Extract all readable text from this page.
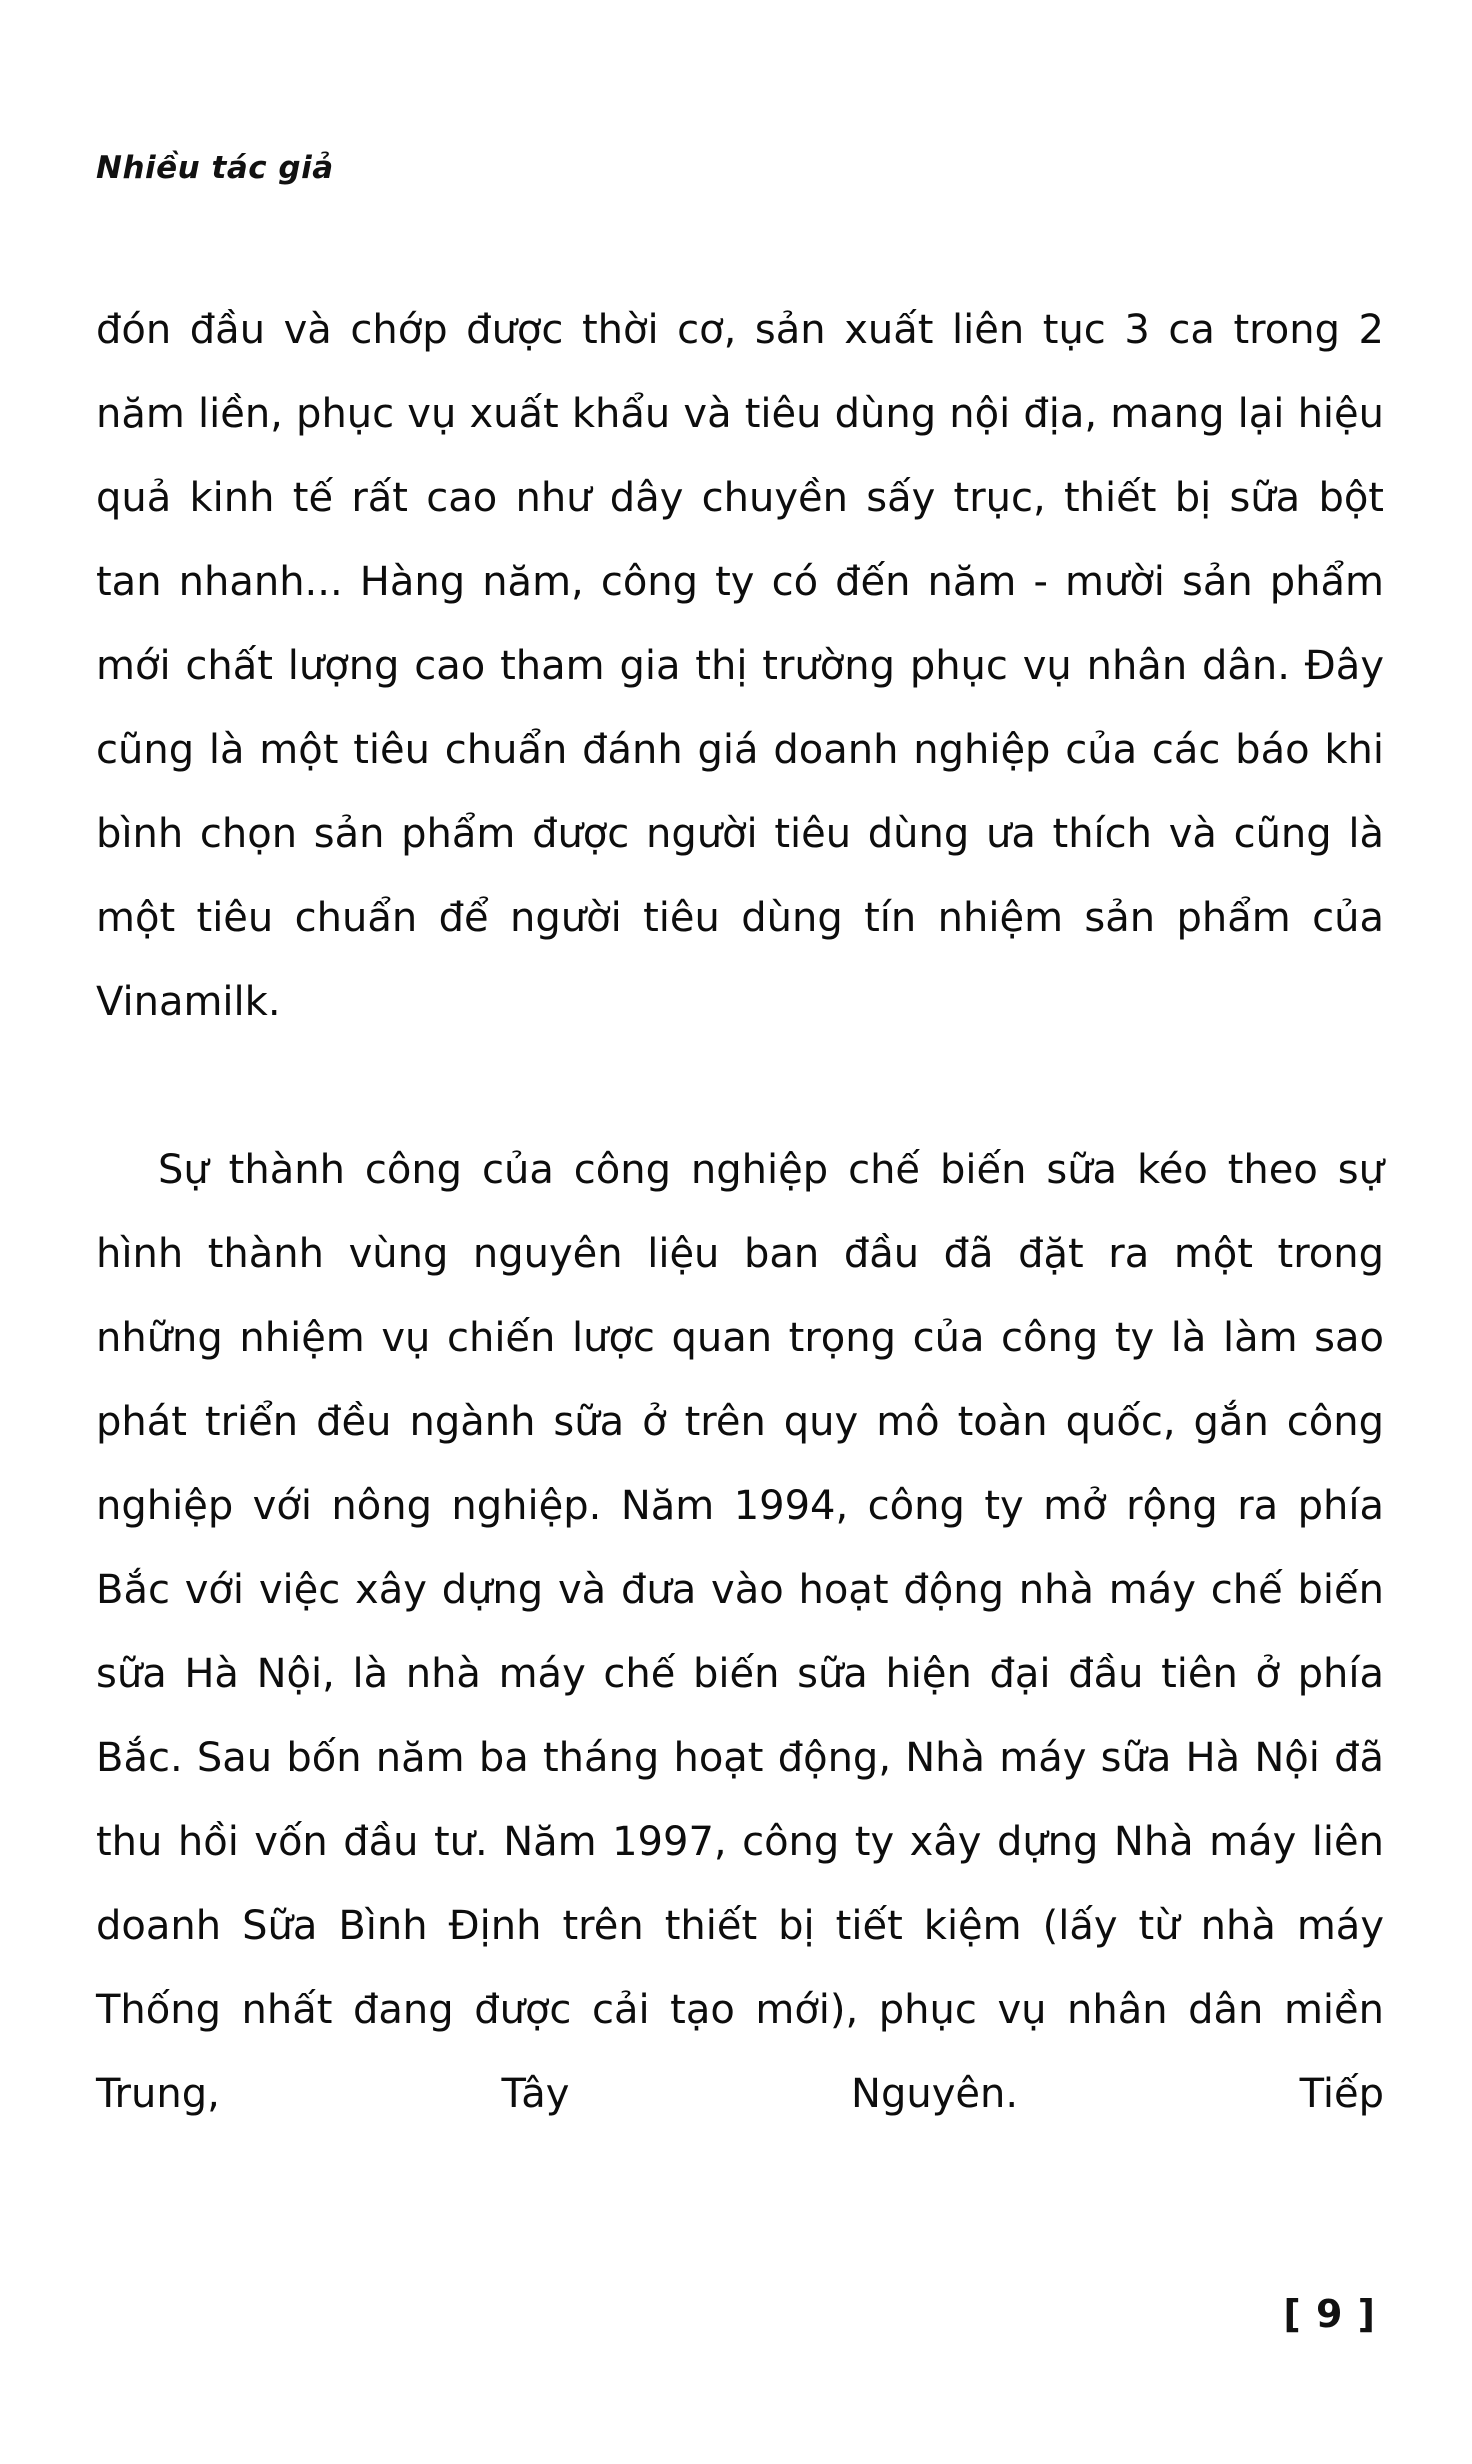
Nhiều tác giả

đón đầu và chớp được thời cơ, sản xuất liên tục 3 ca trong 2 năm liền, phục vụ xuất khẩu và tiêu dùng nội địa, mang lại hiệu quả kinh tế rất cao như dây chuyền sấy trục, thiết bị sữa bột tan nhanh... Hàng năm, công ty có đến năm - mười sản phẩm mới chất lượng cao tham gia thị trường phục vụ nhân dân. Đây cũng là một tiêu chuẩn đánh giá doanh nghiệp của các báo khi bình chọn sản phẩm được người tiêu dùng ưa thích và cũng là một tiêu chuẩn để người tiêu dùng tín nhiệm sản phẩm của Vinamilk.

Sự thành công của công nghiệp chế biến sữa kéo theo sự hình thành vùng nguyên liệu ban đầu đã đặt ra một trong những nhiệm vụ chiến lược quan trọng của công ty là làm sao phát triển đều ngành sữa ở trên quy mô toàn quốc, gắn công nghiệp với nông nghiệp. Năm 1994, công ty mở rộng ra phía Bắc với việc xây dựng và đưa vào hoạt động nhà máy chế biến sữa Hà Nội, là nhà máy chế biến sữa hiện đại đầu tiên ở phía Bắc. Sau bốn năm ba tháng hoạt động, Nhà máy sữa Hà Nội đã thu hồi vốn đầu tư. Năm 1997, công ty xây dựng Nhà máy liên doanh Sữa Bình Định trên thiết bị tiết kiệm (lấy từ nhà máy Thống nhất đang được cải tạo mới), phục vụ nhân dân miền Trung, Tây Nguyên. Tiếp

[ 9 ]
